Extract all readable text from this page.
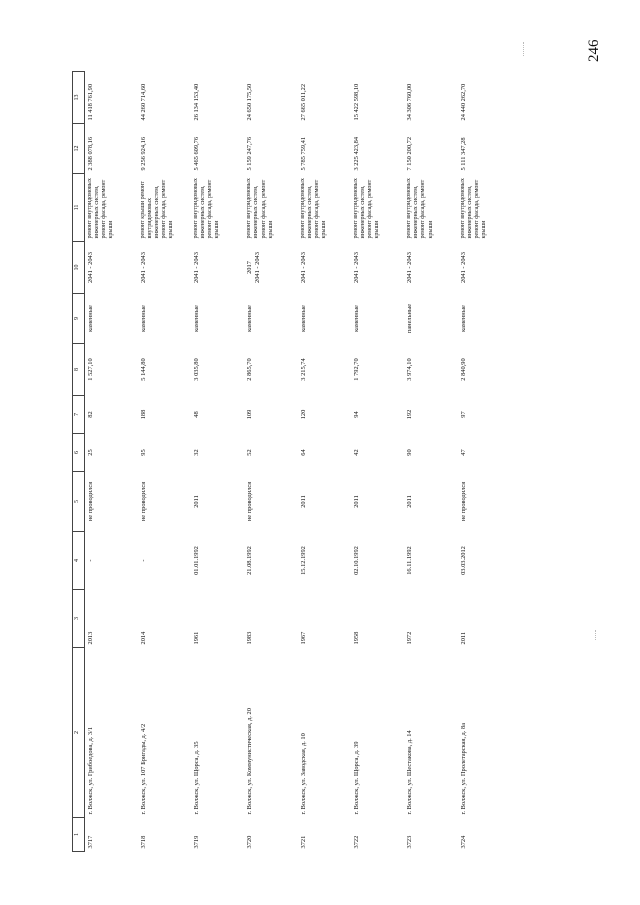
246
1	2	3	4	5	6	7	8	9	10	11	12	13
3717	г. Волжск, ул. Грибоедова, д. 3/1	2013	-	не проводился	25	82	1 527,10	каменные	2041 - 2043	ремонт внутридомовых инженерных систем, ремонт фасада, ремонт крыши	2 388 078,16	11 418 761,90
3718	г. Волжск, ул. 107 Бригады, д. 4/2	2014	-	не проводился	95	188	5 144,80	каменные	2041 - 2043	ремонт крыши ремонт внутридомовых инженерных систем, ремонт фасада, ремонт крыши	9 256 924,16	44 260 714,60
3719	г. Волжск, ул. Щорса, д. 35	1961	01.01.1992	2011	32	48	3 035,80	каменные	2041 - 2043	ремонт внутридомовых инженерных систем, ремонт фасада, ремонт крыши	5 465 609,76	26 134 153,40
3720	г. Волжск, ул. Коммунистическая, д. 20	1983	21.08.1992	не проводился	52	109	2 865,70	каменные	2017 2041 - 2043	ремонт внутридомовых инженерных систем, ремонт фасада, ремонт крыши	5 159 247,76	24 650 175,50
3721	г. Волжск, ул. Заводская, д. 10	1967	15.12.1992	2011	64	120	3 215,74	каменные	2041 - 2043	ремонт внутридомовых инженерных систем, ремонт фасада, ремонт крыши	5 785 759,41	27 665 011,22
3722	г. Волжск, ул. Щорса, д. 39	1958	02.10.1992	2011	42	94	1 792,70	каменные	2041 - 2043	ремонт внутридомовых инженерных систем, ремонт фасада, ремонт крыши	3 225 423,84	15 422 598,10
3723	г. Волжск, ул. Шестакова, д. 14	1972	16.11.1992	2011	90	192	3 974,10	панельные	2041 - 2043	ремонт внутридомовых инженерных систем, ремонт фасада, ремонт крыши	7 150 200,72	34 306 760,00
3724	г. Волжск, ул. Пролетарская, д. 8а	2011	03.03.2012	не проводился	47	97	2 840,90	каменные	2041 - 2043	ремонт внутридомовых инженерных систем, ремонт фасада, ремонт крыши	5 111 347,28	24 440 262,70
